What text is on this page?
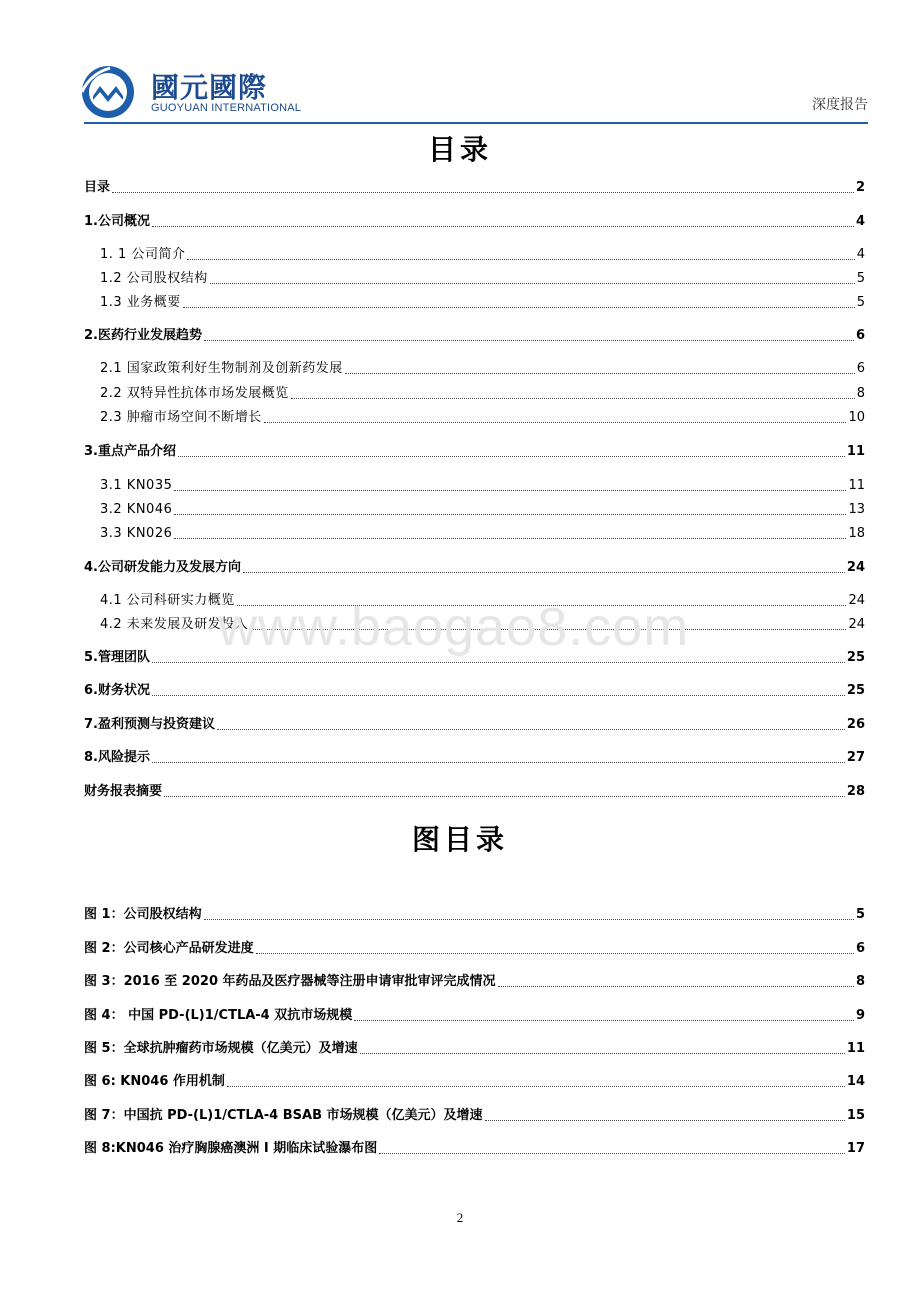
國元國際
GUOYUAN INTERNATIONAL	深度报告
目录
目录	2
1.公司概况	4
1. 1 公司简介	4
1.2 公司股权结构	5
1.3 业务概要	5
2.医药行业发展趋势	6
2.1 国家政策利好生物制剂及创新药发展	6
2.2 双特异性抗体市场发展概览	8
2.3 肿瘤市场空间不断增长	10
3.重点产品介绍	11
3.1 KN035	11
3.2 KN046	13
3.3 KN026	18
4.公司研发能力及发展方向	24
4.1 公司科研实力概览	24
4.2 未来发展及研发投入	24
5.管理团队	25
6.财务状况	25
7.盈利预测与投资建议	26
8.风险提示	27
财务报表摘要	28
www.baogao8.com
图目录
图 1：公司股权结构	5
图 2：公司核心产品研发进度	6
图 3：2016 至 2020 年药品及医疗器械等注册申请审批审评完成情况	8
图 4： 中国 PD-(L)1/CTLA-4 双抗市场规模	9
图 5：全球抗肿瘤药市场规模（亿美元）及增速	11
图 6: KN046 作用机制	14
图 7：中国抗 PD-(L)1/CTLA-4 BSAB 市场规模（亿美元）及增速	15
图 8:KN046 治疗胸腺癌澳洲 I 期临床试验瀑布图	17
2
